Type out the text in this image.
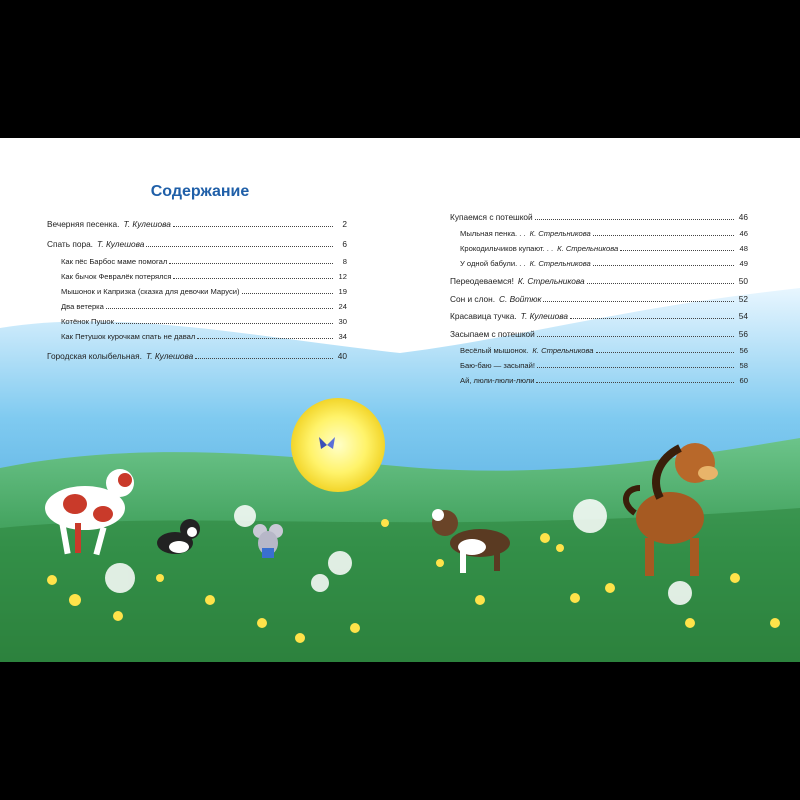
Содержание
Вечерняя песенка. Т. Кулешова	2
Спать пора. Т. Кулешова	6
Как пёс Барбос маме помогал	8
Как бычок Февралёк потерялся	12
Мышонок и Капризка (сказка для девочки Маруси)	19
Два ветерка	24
Котёнок Пушок	30
Как Петушок курочкам спать не давал	34
Городская колыбельная. Т. Кулешова	40
Купаемся с потешкой	46
Мыльная пенка. . . К. Стрельникова	46
Крокодильчиков купают. . . К. Стрельникова	48
У одной бабули. . . К. Стрельникова	49
Переодеваемся! К. Стрельникова	50
Сон и слон. С. Войтюк	52
Красавица тучка. Т. Кулешова	54
Засыпаем с потешкой	56
Весёлый мышонок. К. Стрельникова	56
Баю-баю — засыпай!	58
Ай, люли-люли-люли	60
